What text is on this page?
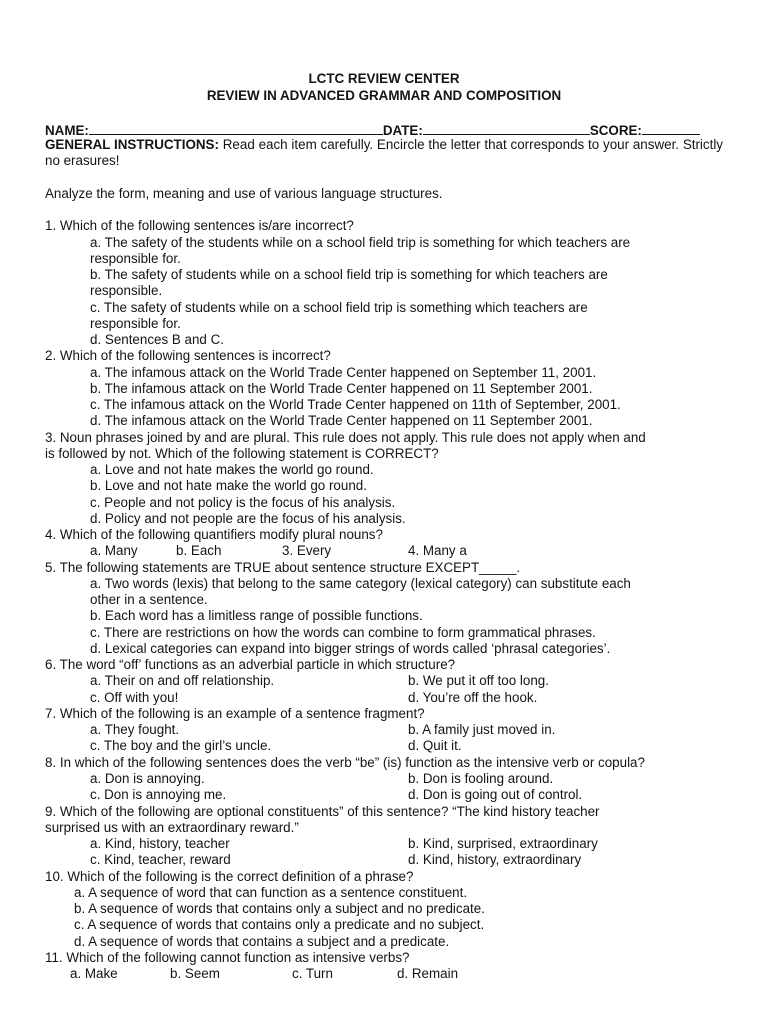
LCTC REVIEW CENTER
REVIEW IN ADVANCED GRAMMAR AND COMPOSITION
NAME:	DATE:	SCORE:
GENERAL INSTRUCTIONS: Read each item carefully. Encircle the letter that corresponds to your answer. Strictly no erasures!
Analyze the form, meaning and use of various language structures.
1. Which of the following sentences is/are incorrect?
a. The safety of the students while on a school field trip is something for which teachers are
responsible for.
b. The safety of students while on a school field trip is something for which teachers are
responsible.
c. The safety of students while on a school field trip is something which teachers are
responsible for.
d. Sentences B and C.
2. Which of the following sentences is incorrect?
a. The infamous attack on the World Trade Center happened on September 11, 2001.
b. The infamous attack on the World Trade Center happened on 11 September 2001.
c. The infamous attack on the World Trade Center happened on 11th of September, 2001.
d. The infamous attack on the World Trade Center happened on 11 September 2001.
3. Noun phrases joined by and are plural. This rule does not apply. This rule does not apply when and
is followed by not. Which of the following statement is CORRECT?
a. Love and not hate makes the world go round.
b. Love and not hate make the world go round.
c. People and not policy is the focus of his analysis.
d. Policy and not people are the focus of his analysis.
4. Which of the following quantifiers modify plural nouns?
a. Many	b. Each	3. Every	4. Many a
5. The following statements are TRUE about sentence structure EXCEPT_____.
a. Two words (lexis) that belong to the same category (lexical category) can substitute each
other in a sentence.
b. Each word has a limitless range of possible functions.
c. There are restrictions on how the words can combine to form grammatical phrases.
d. Lexical categories can expand into bigger strings of words called ‘phrasal categories’.
6. The word “off’ functions as an adverbial particle in which structure?
a. Their on and off relationship.	b. We put it off too long.
c. Off with you!	d. You’re off the hook.
7. Which of the following is an example of a sentence fragment?
a. They fought.	b. A family just moved in.
c. The boy and the girl’s uncle.	d. Quit it.
8. In which of the following sentences does the verb “be” (is) function as the intensive verb or copula?
a. Don is annoying.	b. Don is fooling around.
c. Don is annoying me.	d. Don is going out of control.
9. Which of the following are optional constituents” of this sentence? “The kind history teacher
surprised us with an extraordinary reward.”
a. Kind, history, teacher	b. Kind, surprised, extraordinary
c. Kind, teacher, reward	d. Kind, history, extraordinary
10. Which of the following is the correct definition of a phrase?
a. A sequence of word that can function as a sentence constituent.
b. A sequence of words that contains only a subject and no predicate.
c. A sequence of words that contains only a predicate and no subject.
d. A sequence of words that contains a subject and a predicate.
11. Which of the following cannot function as intensive verbs?
a. Make	b. Seem	c. Turn	d. Remain
